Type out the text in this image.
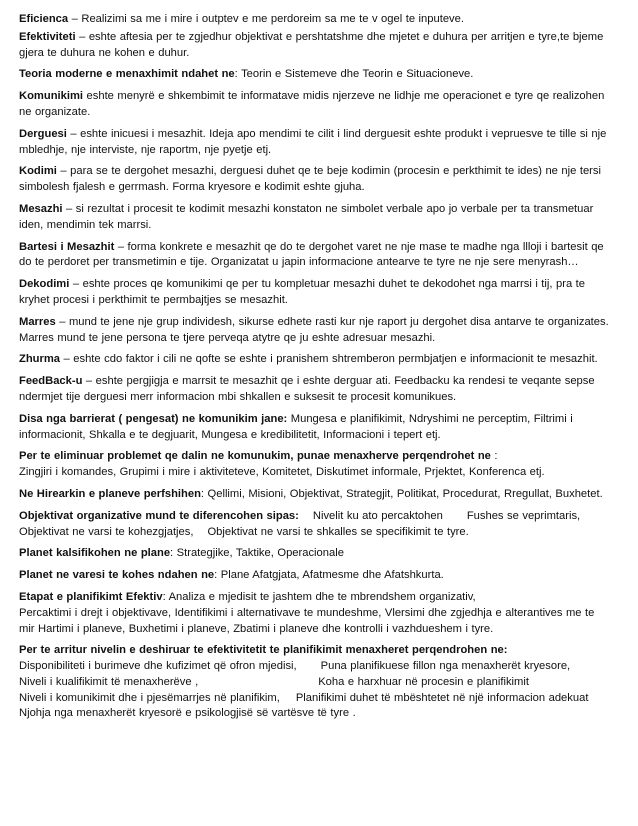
Eficienca – Realizimi sa me i mire i outptev e me perdoreim sa me te v ogel te inputeve.

Efektiviteti – eshte aftesia per te zgjedhur objektivat e pershtatshme dhe mjetet e duhura per arritjen e tyre,te bjeme gjera te duhura ne kohen e duhur.

Teoria moderne e menaxhimit ndahet ne: Teorin e Sistemeve dhe Teorin e Situacioneve.

Komunikimi eshte menyrë e shkembimit te informatave midis njerzeve ne lidhje me operacionet e tyre qe realizohen ne organizate.

Derguesi – eshte inicuesi i mesazhit. Ideja apo mendimi te cilit i lind derguesit eshte produkt i vepruesve te tille si nje mbledhje, nje interviste, nje raportm, nje pyetje etj.

Kodimi – para se te dergohet mesazhi, derguesi duhet qe te beje kodimin (procesin e perkthimit te ides) ne nje tersi simbolesh fjalesh e gerrmash. Forma kryesore e kodimit eshte gjuha.

Mesazhi – si rezultat i procesit te kodimit mesazhi konstaton ne simbolet verbale apo jo verbale per ta transmetuar iden, mendimin tek marrsi.

Bartesi i Mesazhit – forma konkrete e mesazhit qe do te dergohet varet ne nje mase te madhe nga llloji i bartesit qe do te perdoret per transmetimin e tije. Organizatat u japin informacione antearve te tyre ne nje sere menyrash…

Dekodimi – eshte proces qe komunikimi qe per tu kompletuar mesazhi duhet te dekodohet nga marrsi i tij, pra te kryhet procesi i perkthimit te permbajtjes se mesazhit.

Marres – mund te jene nje grup individesh, sikurse edhete rasti kur nje raport ju dergohet disa antarve te organizates. Marres mund te jene persona te tjere perveqa atytre qe ju eshte adresuar mesazhi.

Zhurma – eshte cdo faktor i cili ne qofte se eshte i pranishem shtremberon permbjatjen e informacionit te mesazhit.

FeedBack-u – eshte pergjigja e marrsit te mesazhit qe i eshte derguar ati. Feedbacku ka rendesi te veqante sepse ndermjet tije derguesi merr informacion mbi shkallen e suksesit te procesit komunikues.

Disa nga barrierat ( pengesat) ne komunikim jane: Mungesa e planifikimit, Ndryshimi ne perceptim, Filtrimi i informacionit, Shkalla e te degjuarit, Mungesa e kredibilitetit, Informacioni i tepert etj.

Per te eliminuar problemet qe dalin ne komunukim, punae menaxherve perqendrohet ne :
Zingjiri i komandes, Grupimi i mire i aktiviteteve, Komitetet, Diskutimet informale, Prjektet, Konferenca etj.

Ne Hirearkin e planeve perfshihen: Qellimi, Misioni, Objektivat, Strategjit, Politikat, Procedurat, Rregullat, Buxhetet.

Objektivat organizative mund te diferencohen sipas: Nivelit ku ato percaktohen Fushes se veprimtaris,
Objektivat ne varsi te kohezgjatjes, Objektivat ne varsi te shkalles se specifikimit te tyre.

Planet kalsifikohen ne plane: Strategjike, Taktike, Operacionale

Planet ne varesi te kohes ndahen ne: Plane Afatgjata, Afatmesme dhe Afatshkurta.

Etapat e planifikimt Efektiv: Analiza e mjedisit te jashtem dhe te mbrendshem organizativ,
Percaktimi i drejt i objektivave, Identifikimi i alternativave te mundeshme, Vlersimi dhe zgjedhja e alterantives me te mir Hartimi i planeve, Buxhetimi i planeve, Zbatimi i planeve dhe kontrolli i vazhdueshem i tyre.

Per te arritur nivelin e deshiruar te efektivitetit te planifikimit menaxheret perqendrohen ne:
Disponibiliteti i burimeve dhe kufizimet që ofron mjedisi, Puna planifikuese fillon nga menaxherët kryesore,
Niveli i kualifikimit të menaxherëve ,	Koha e harxhuar në procesin e planifikimit
Niveli i komunikimit dhe i pjesëmarrjes në planifikim, Planifikimi duhet të mbështetet në një informacion adekuat
Njohja nga menaxherët kryesorë e psikologjisë së vartësve të tyre .
